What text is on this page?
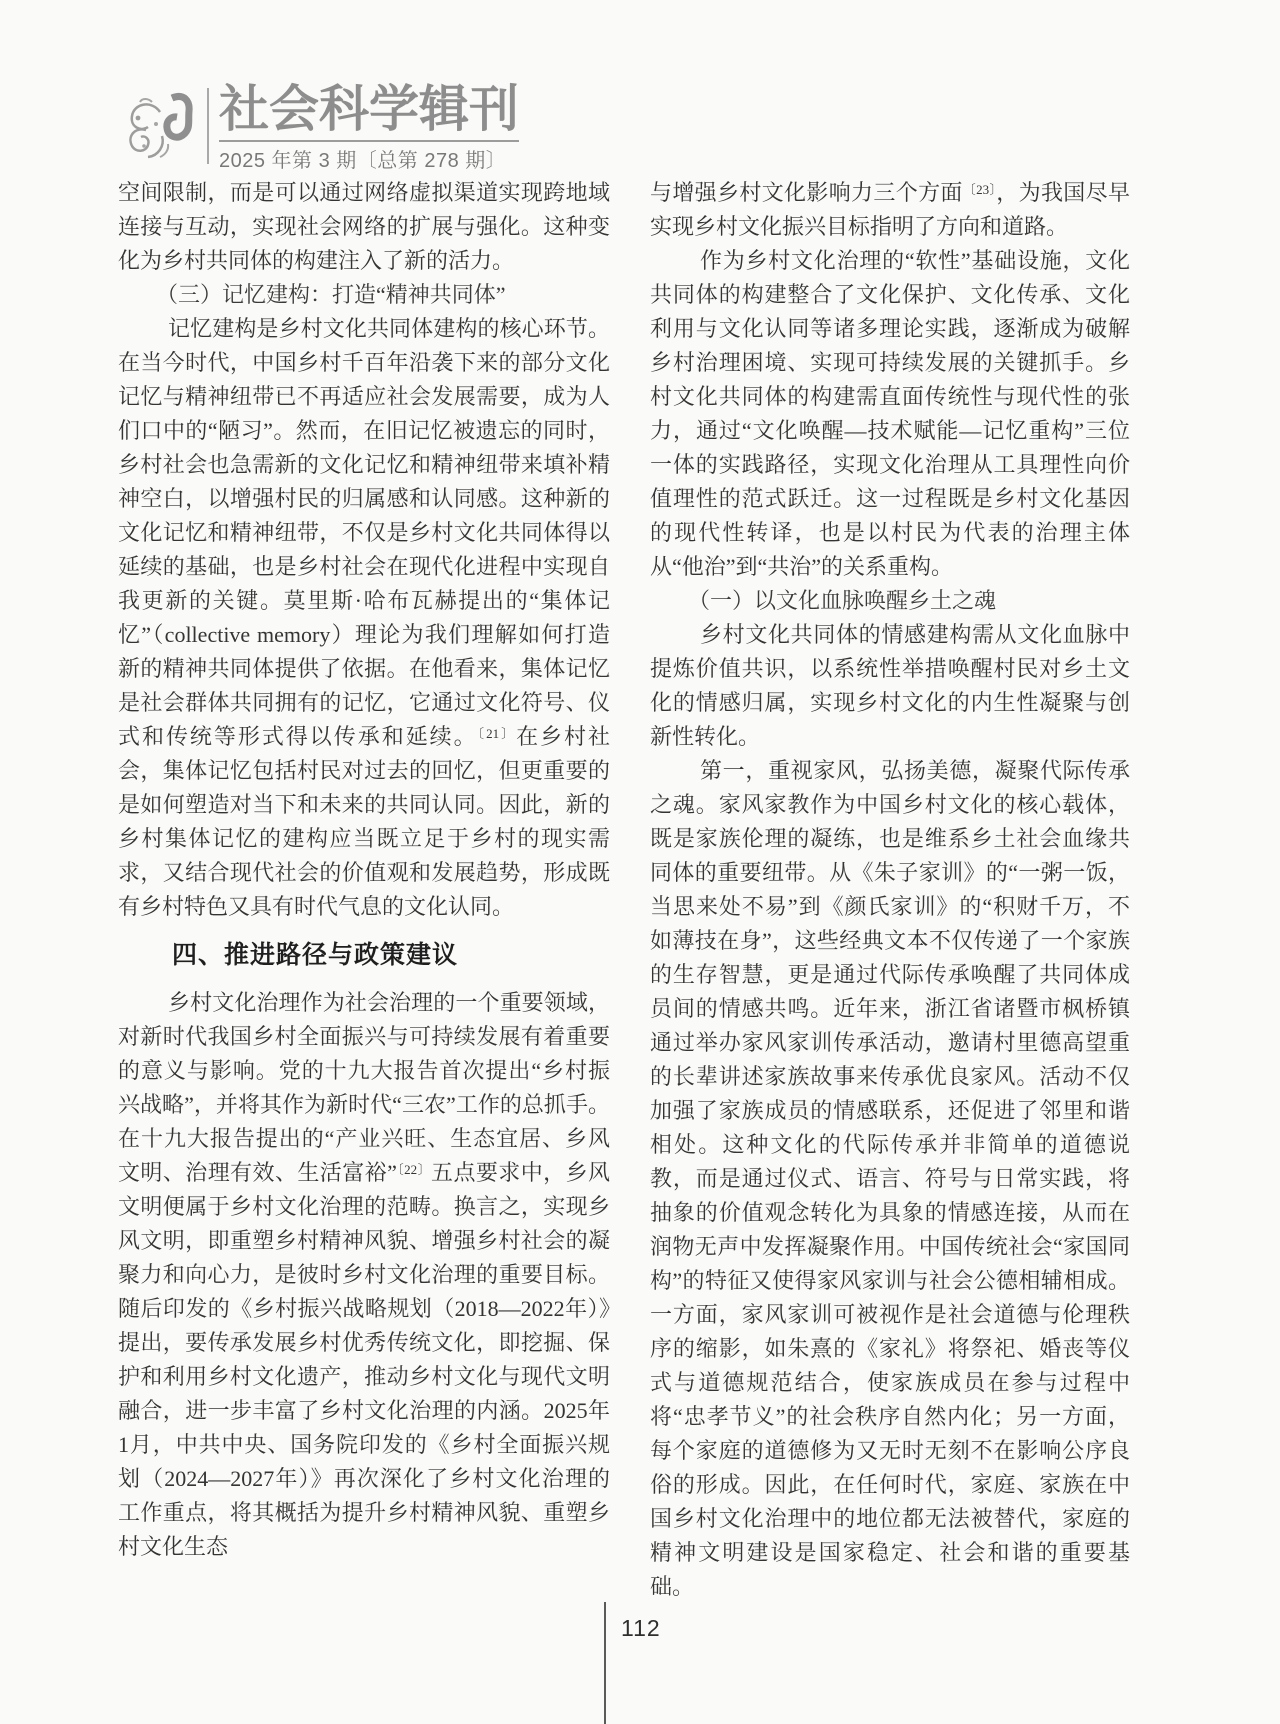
社会科学辑刊
2025 年第 3 期〔总第 278 期〕

空间限制，而是可以通过网络虚拟渠道实现跨地域连接与互动，实现社会网络的扩展与强化。这种变化为乡村共同体的构建注入了新的活力。

（三）记忆建构：打造“精神共同体”

记忆建构是乡村文化共同体建构的核心环节。在当今时代，中国乡村千百年沿袭下来的部分文化记忆与精神纽带已不再适应社会发展需要，成为人们口中的“陋习”。然而，在旧记忆被遗忘的同时，乡村社会也急需新的文化记忆和精神纽带来填补精神空白，以增强村民的归属感和认同感。这种新的文化记忆和精神纽带，不仅是乡村文化共同体得以延续的基础，也是乡村社会在现代化进程中实现自我更新的关键。莫里斯·哈布瓦赫提出的“集体记忆”（collective memory）理论为我们理解如何打造新的精神共同体提供了依据。在他看来，集体记忆是社会群体共同拥有的记忆，它通过文化符号、仪式和传统等形式得以传承和延续。$^{〔21〕}$在乡村社会，集体记忆包括村民对过去的回忆，但更重要的是如何塑造对当下和未来的共同认同。因此，新的乡村集体记忆的建构应当既立足于乡村的现实需求，又结合现代社会的价值观和发展趋势，形成既有乡村特色又具有时代气息的文化认同。

四、推进路径与政策建议

乡村文化治理作为社会治理的一个重要领域，对新时代我国乡村全面振兴与可持续发展有着重要的意义与影响。党的十九大报告首次提出“乡村振兴战略”，并将其作为新时代“三农”工作的总抓手。在十九大报告提出的“产业兴旺、生态宜居、乡风文明、治理有效、生活富裕”$^{〔22〕}$五点要求中，乡风文明便属于乡村文化治理的范畴。换言之，实现乡风文明，即重塑乡村精神风貌、增强乡村社会的凝聚力和向心力，是彼时乡村文化治理的重要目标。随后印发的《乡村振兴战略规划（2018—2022年）》提出，要传承发展乡村优秀传统文化，即挖掘、保护和利用乡村文化遗产，推动乡村文化与现代文明融合，进一步丰富了乡村文化治理的内涵。2025年1月，中共中央、国务院印发的《乡村全面振兴规划（2024—2027年）》再次深化了乡村文化治理的工作重点，将其概括为提升乡村精神风貌、重塑乡村文化生态

与增强乡村文化影响力三个方面$^{〔23〕}$，为我国尽早实现乡村文化振兴目标指明了方向和道路。

作为乡村文化治理的“软性”基础设施，文化共同体的构建整合了文化保护、文化传承、文化利用与文化认同等诸多理论实践，逐渐成为破解乡村治理困境、实现可持续发展的关键抓手。乡村文化共同体的构建需直面传统性与现代性的张力，通过“文化唤醒—技术赋能—记忆重构”三位一体的实践路径，实现文化治理从工具理性向价值理性的范式跃迁。这一过程既是乡村文化基因的现代性转译，也是以村民为代表的治理主体从“他治”到“共治”的关系重构。

（一）以文化血脉唤醒乡土之魂

乡村文化共同体的情感建构需从文化血脉中提炼价值共识，以系统性举措唤醒村民对乡土文化的情感归属，实现乡村文化的内生性凝聚与创新性转化。

第一，重视家风，弘扬美德，凝聚代际传承之魂。家风家教作为中国乡村文化的核心载体，既是家族伦理的凝练，也是维系乡土社会血缘共同体的重要纽带。从《朱子家训》的“一粥一饭，当思来处不易”到《颜氏家训》的“积财千万，不如薄技在身”，这些经典文本不仅传递了一个家族的生存智慧，更是通过代际传承唤醒了共同体成员间的情感共鸣。近年来，浙江省诸暨市枫桥镇通过举办家风家训传承活动，邀请村里德高望重的长辈讲述家族故事来传承优良家风。活动不仅加强了家族成员的情感联系，还促进了邻里和谐相处。这种文化的代际传承并非简单的道德说教，而是通过仪式、语言、符号与日常实践，将抽象的价值观念转化为具象的情感连接，从而在润物无声中发挥凝聚作用。中国传统社会“家国同构”的特征又使得家风家训与社会公德相辅相成。一方面，家风家训可被视作是社会道德与伦理秩序的缩影，如朱熹的《家礼》将祭祀、婚丧等仪式与道德规范结合，使家族成员在参与过程中将“忠孝节义”的社会秩序自然内化；另一方面，每个家庭的道德修为又无时无刻不在影响公序良俗的形成。因此，在任何时代，家庭、家族在中国乡村文化治理中的地位都无法被替代，家庭的精神文明建设是国家稳定、社会和谐的重要基础。

112
